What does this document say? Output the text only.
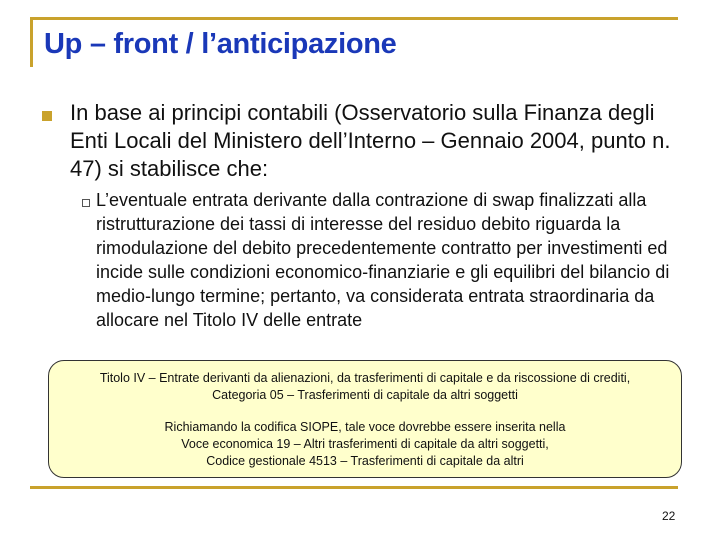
Up – front / l’anticipazione
In base ai principi contabili (Osservatorio sulla Finanza degli Enti Locali del Ministero dell’Interno – Gennaio 2004, punto n. 47) si stabilisce che:
L’eventuale entrata derivante dalla contrazione di swap finalizzati alla ristrutturazione dei tassi di interesse del residuo debito riguarda la rimodulazione del debito precedentemente contratto per investimenti ed incide sulle condizioni economico-finanziarie e gli equilibri del bilancio di medio-lungo termine; pertanto, va considerata entrata straordinaria da allocare nel Titolo IV delle entrate

Titolo IV – Entrate derivanti da alienazioni, da trasferimenti di capitale e da riscossione di crediti,
Categoria 05 – Trasferimenti di capitale da altri soggetti

Richiamando la codifica SIOPE, tale voce dovrebbe essere inserita nella
Voce economica 19 – Altri trasferimenti di capitale da altri soggetti,
Codice gestionale 4513 – Trasferimenti di capitale da altri

22
